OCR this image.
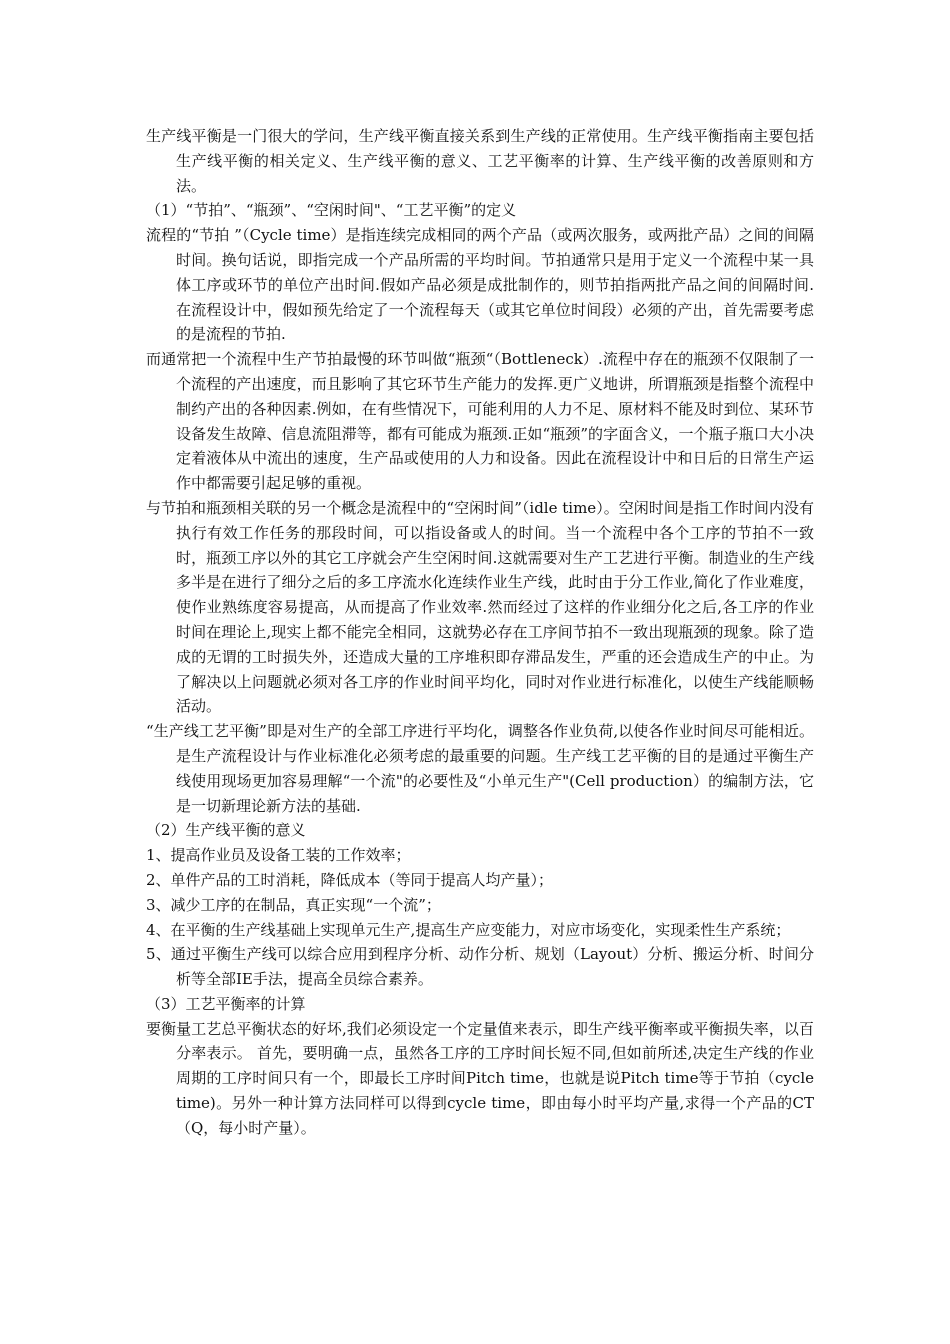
生产线平衡是一门很大的学问，生产线平衡直接关系到生产线的正常使用。生产线平衡指南主要包括生产线平衡的相关定义、生产线平衡的意义、工艺平衡率的计算、生产线平衡的改善原则和方法。

（1）“节拍”、“瓶颈”、“空闲时间"、“工艺平衡”的定义

流程的“节拍 ”（Cycle time）是指连续完成相同的两个产品（或两次服务，或两批产品）之间的间隔时间。换句话说，即指完成一个产品所需的平均时间。节拍通常只是用于定义一个流程中某一具体工序或环节的单位产出时间.假如产品必须是成批制作的，则节拍指两批产品之间的间隔时间.在流程设计中，假如预先给定了一个流程每天（或其它单位时间段）必须的产出，首先需要考虑的是流程的节拍.

而通常把一个流程中生产节拍最慢的环节叫做“瓶颈“（Bottleneck）.流程中存在的瓶颈不仅限制了一个流程的产出速度，而且影响了其它环节生产能力的发挥.更广义地讲，所谓瓶颈是指整个流程中制约产出的各种因素.例如，在有些情况下，可能利用的人力不足、原材料不能及时到位、某环节设备发生故障、信息流阻滞等，都有可能成为瓶颈.正如“瓶颈”的字面含义，一个瓶子瓶口大小决定着液体从中流出的速度，生产品或使用的人力和设备。因此在流程设计中和日后的日常生产运作中都需要引起足够的重视。

与节拍和瓶颈相关联的另一个概念是流程中的“空闲时间”（idle time）。空闲时间是指工作时间内没有执行有效工作任务的那段时间，可以指设备或人的时间。当一个流程中各个工序的节拍不一致时，瓶颈工序以外的其它工序就会产生空闲时间.这就需要对生产工艺进行平衡。制造业的生产线多半是在进行了细分之后的多工序流水化连续作业生产线，此时由于分工作业,简化了作业难度，使作业熟练度容易提高，从而提高了作业效率.然而经过了这样的作业细分化之后,各工序的作业时间在理论上,现实上都不能完全相同，这就势必存在工序间节拍不一致出现瓶颈的现象。除了造成的无谓的工时损失外，还造成大量的工序堆积即存滞品发生，严重的还会造成生产的中止。为了解决以上问题就必须对各工序的作业时间平均化，同时对作业进行标准化，以使生产线能顺畅活动。

“生产线工艺平衡”即是对生产的全部工序进行平均化，调整各作业负荷,以使各作业时间尽可能相近。是生产流程设计与作业标准化必须考虑的最重要的问题。生产线工艺平衡的目的是通过平衡生产线使用现场更加容易理解“一个流"的必要性及“小单元生产"(Cell production）的编制方法，它是一切新理论新方法的基础.

（2）生产线平衡的意义

1、提高作业员及设备工装的工作效率；

2、单件产品的工时消耗，降低成本（等同于提高人均产量）；

3、减少工序的在制品，真正实现“一个流”；

4、在平衡的生产线基础上实现单元生产,提高生产应变能力，对应市场变化，实现柔性生产系统；

5、通过平衡生产线可以综合应用到程序分析、动作分析、规划（Layout）分析、搬运分析、时间分析等全部IE手法，提高全员综合素养。

（3）工艺平衡率的计算

要衡量工艺总平衡状态的好坏,我们必须设定一个定量值来表示，即生产线平衡率或平衡损失率，以百分率表示。 首先，要明确一点，虽然各工序的工序时间长短不同,但如前所述,决定生产线的作业周期的工序时间只有一个，即最长工序时间Pitch time，也就是说Pitch time等于节拍（cycle time)。另外一种计算方法同样可以得到cycle time，即由每小时平均产量,求得一个产品的CT（Q，每小时产量）。
